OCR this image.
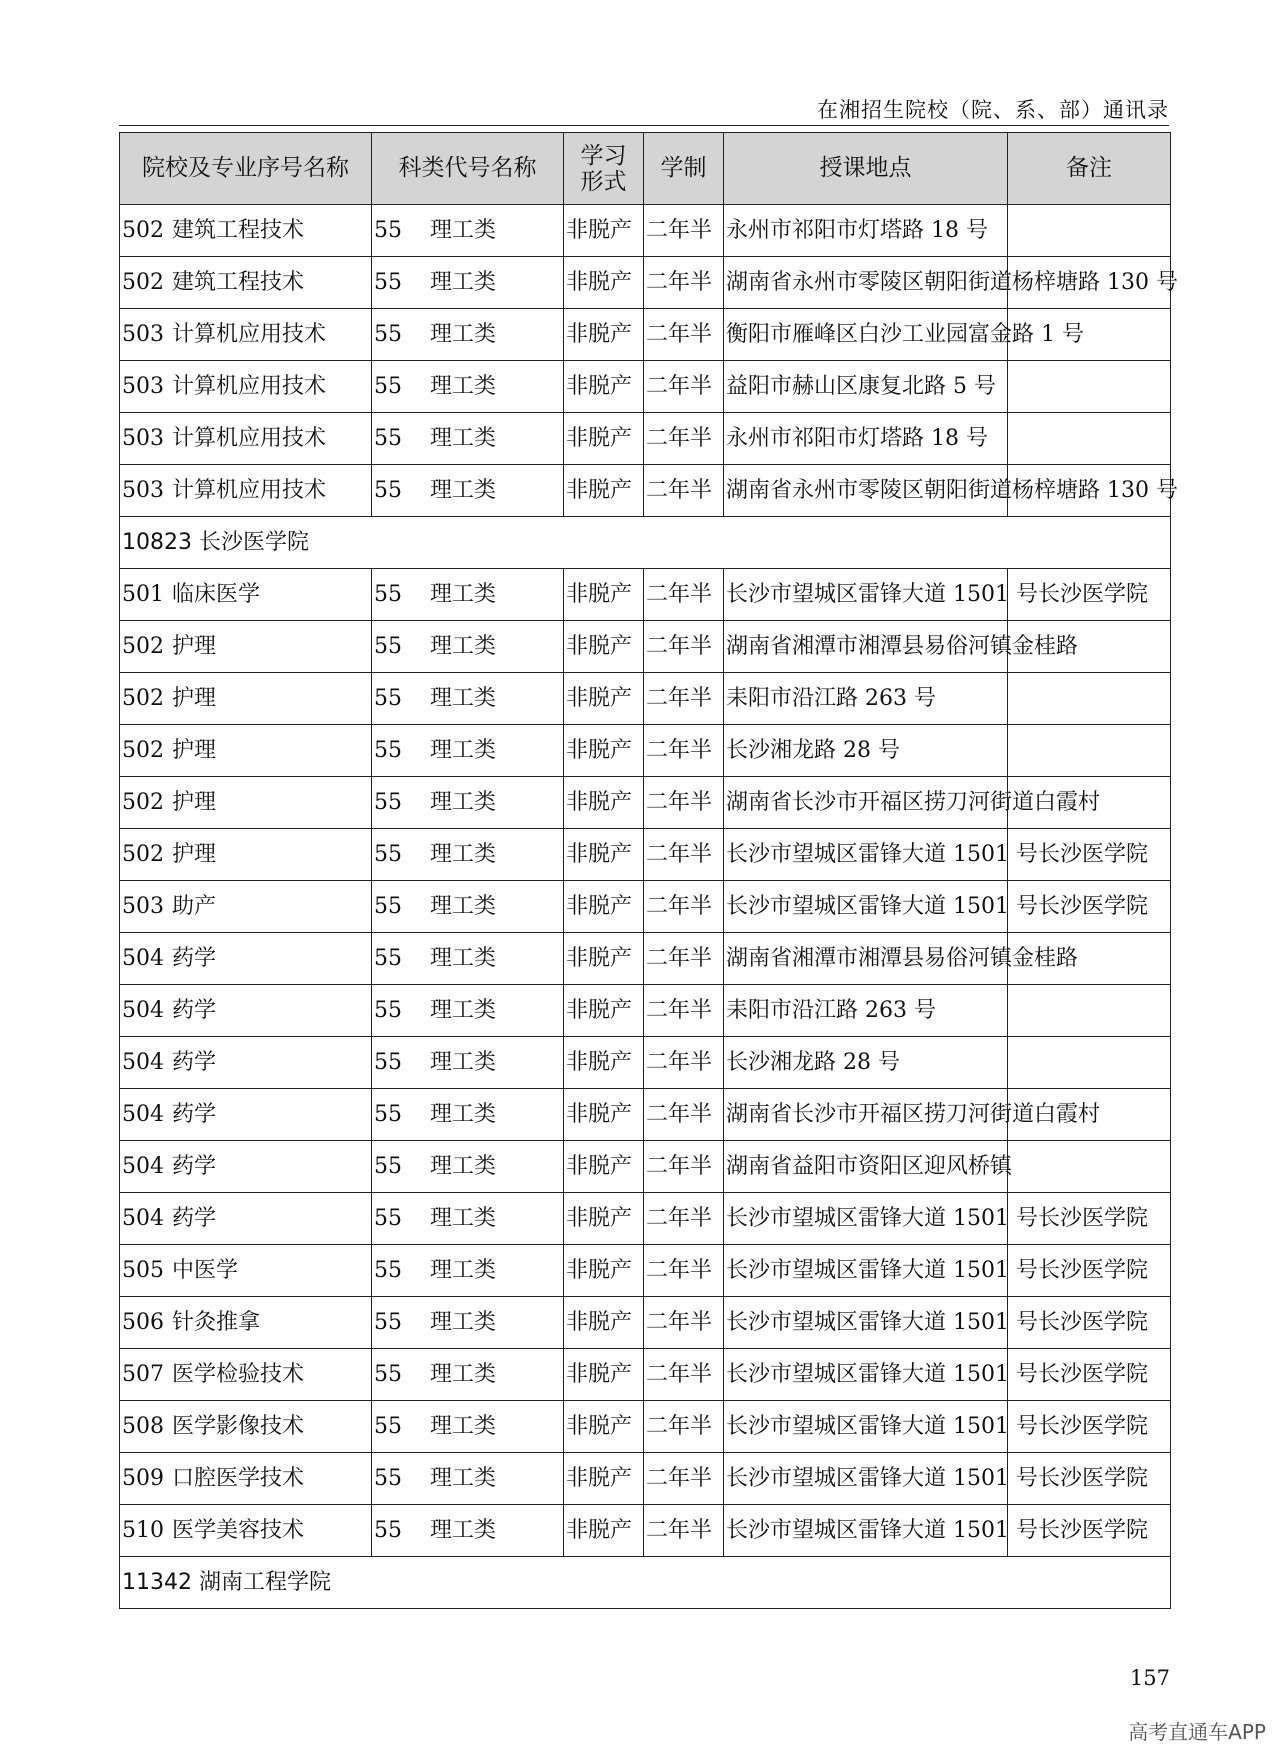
在湘招生院校（院、系、部）通讯录
院校及专业序号名称	科类代号名称	学习
形式	学制	授课地点	备注
502 建筑工程技术	55 理工类	非脱产	二年半	永州市祁阳市灯塔路 18 号	
502 建筑工程技术	55 理工类	非脱产	二年半	湖南省永州市零陵区朝阳街道杨梓塘路 130 号	
503 计算机应用技术	55 理工类	非脱产	二年半	衡阳市雁峰区白沙工业园富金路 1 号	
503 计算机应用技术	55 理工类	非脱产	二年半	益阳市赫山区康复北路 5 号	
503 计算机应用技术	55 理工类	非脱产	二年半	永州市祁阳市灯塔路 18 号	
503 计算机应用技术	55 理工类	非脱产	二年半	湖南省永州市零陵区朝阳街道杨梓塘路 130 号	
10823 长沙医学院					
501 临床医学	55 理工类	非脱产	二年半	长沙市望城区雷锋大道 1501 号长沙医学院	
502 护理	55 理工类	非脱产	二年半	湖南省湘潭市湘潭县易俗河镇金桂路	
502 护理	55 理工类	非脱产	二年半	耒阳市沿江路 263 号	
502 护理	55 理工类	非脱产	二年半	长沙湘龙路 28 号	
502 护理	55 理工类	非脱产	二年半	湖南省长沙市开福区捞刀河街道白霞村	
502 护理	55 理工类	非脱产	二年半	长沙市望城区雷锋大道 1501 号长沙医学院	
503 助产	55 理工类	非脱产	二年半	长沙市望城区雷锋大道 1501 号长沙医学院	
504 药学	55 理工类	非脱产	二年半	湖南省湘潭市湘潭县易俗河镇金桂路	
504 药学	55 理工类	非脱产	二年半	耒阳市沿江路 263 号	
504 药学	55 理工类	非脱产	二年半	长沙湘龙路 28 号	
504 药学	55 理工类	非脱产	二年半	湖南省长沙市开福区捞刀河街道白霞村	
504 药学	55 理工类	非脱产	二年半	湖南省益阳市资阳区迎风桥镇	
504 药学	55 理工类	非脱产	二年半	长沙市望城区雷锋大道 1501 号长沙医学院	
505 中医学	55 理工类	非脱产	二年半	长沙市望城区雷锋大道 1501 号长沙医学院	
506 针灸推拿	55 理工类	非脱产	二年半	长沙市望城区雷锋大道 1501 号长沙医学院	
507 医学检验技术	55 理工类	非脱产	二年半	长沙市望城区雷锋大道 1501 号长沙医学院	
508 医学影像技术	55 理工类	非脱产	二年半	长沙市望城区雷锋大道 1501 号长沙医学院	
509 口腔医学技术	55 理工类	非脱产	二年半	长沙市望城区雷锋大道 1501 号长沙医学院	
510 医学美容技术	55 理工类	非脱产	二年半	长沙市望城区雷锋大道 1501 号长沙医学院	
11342 湖南工程学院					
157
高考直通车APP
